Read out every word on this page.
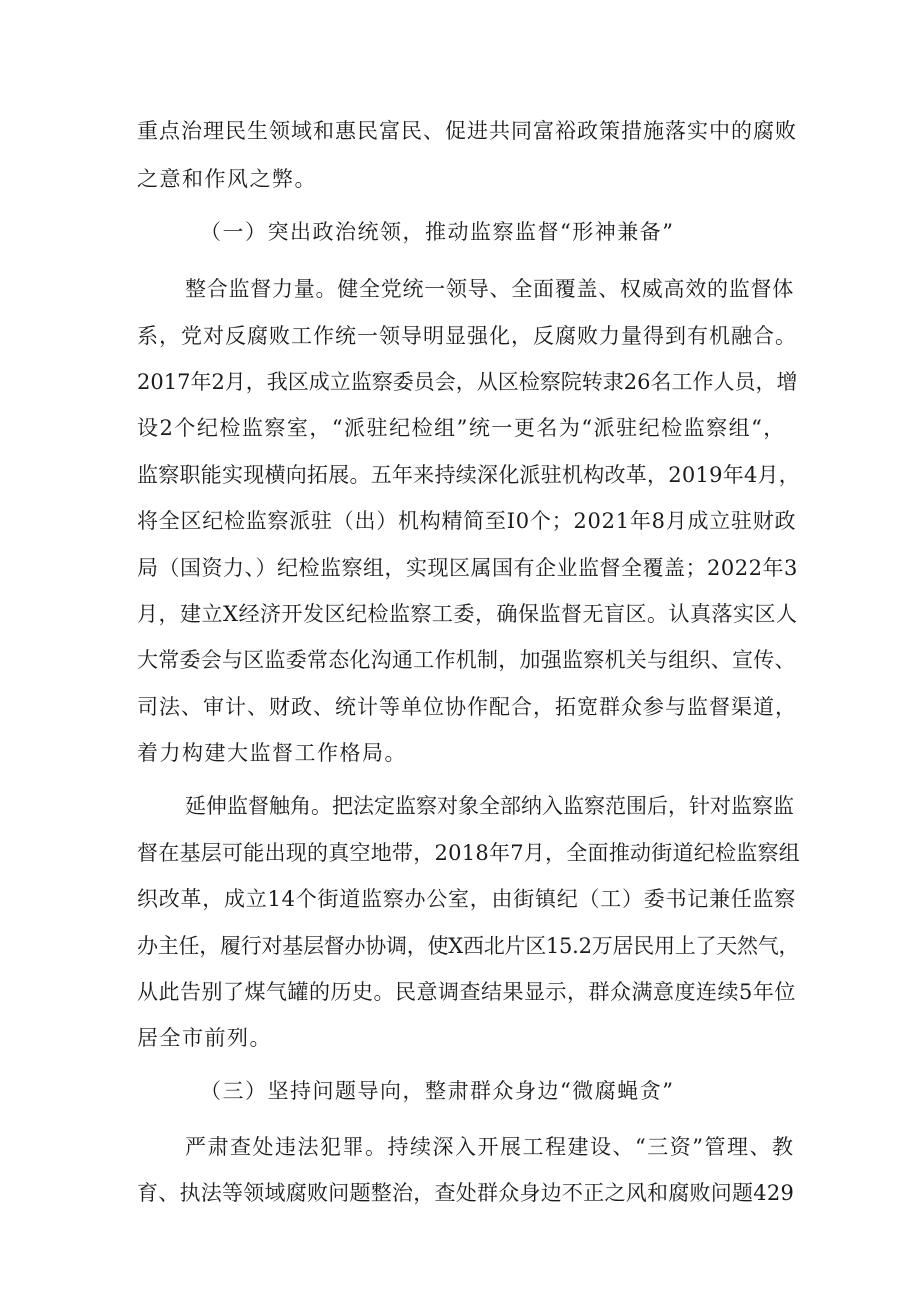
重点治理民生领域和惠民富民、促进共同富裕政策措施落实中的腐败
之意和作风之弊。
（一）突出政治统领，推动监察监督“形神兼备”
整合监督力量。健全党统一领导、全面覆盖、权威高效的监督体
系，党对反腐败工作统一领导明显强化，反腐败力量得到有机融合。
2017年2月，我区成立监察委员会，从区检察院转隶26名工作人员，增
设2个纪检监察室，“派驻纪检组”统一更名为“派驻纪检监察组“，
监察职能实现横向拓展。五年来持续深化派驻机构改革，2019年4月，
将全区纪检监察派驻（出）机构精简至I0个；2021年8月成立驻财政
局（国资力、）纪检监察组，实现区属国有企业监督全覆盖；2022年3
月，建立X经济开发区纪检监察工委，确保监督无盲区。认真落实区人
大常委会与区监委常态化沟通工作机制，加强监察机关与组织、宣传、
司法、审计、财政、统计等单位协作配合，拓宽群众参与监督渠道，
着力构建大监督工作格局。
延伸监督触角。把法定监察对象全部纳入监察范围后，针对监察监
督在基层可能出现的真空地带，2018年7月，全面推动街道纪检监察组
织改革，成立14个街道监察办公室，由街镇纪（工）委书记兼任监察
办主任，履行对基层督办协调，使X西北片区15.2万居民用上了天然气，
从此告别了煤气罐的历史。民意调查结果显示，群众满意度连续5年位
居全市前列。
（三）坚持问题导向，整肃群众身边“微腐蝇贪”
严肃查处违法犯罪。持续深入开展工程建设、“三资”管理、教
育、执法等领域腐败问题整治，查处群众身边不正之风和腐败问题429
